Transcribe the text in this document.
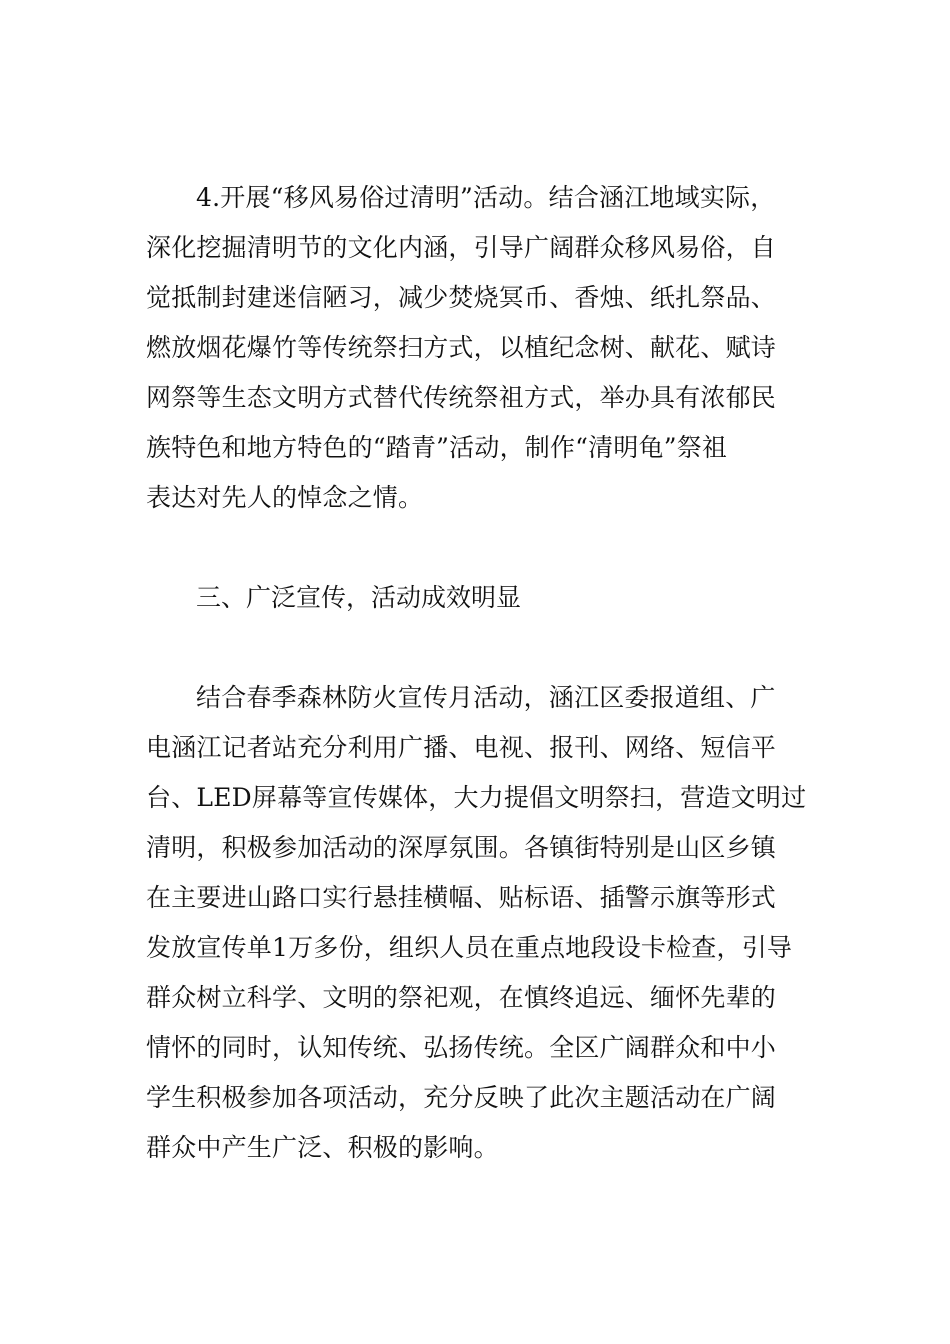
4.开展“移风易俗过清明”活动。结合涵江地域实际，
深化挖掘清明节的文化内涵，引导广阔群众移风易俗，自
觉抵制封建迷信陋习，减少焚烧冥币、香烛、纸扎祭品、
燃放烟花爆竹等传统祭扫方式，以植纪念树、献花、赋诗
网祭等生态文明方式替代传统祭祖方式，举办具有浓郁民
族特色和地方特色的“踏青”活动，制作“清明龟”祭祖
表达对先人的悼念之情。
三、广泛宣传，活动成效明显
结合春季森林防火宣传月活动，涵江区委报道组、广
电涵江记者站充分利用广播、电视、报刊、网络、短信平
台、LED屏幕等宣传媒体，大力提倡文明祭扫，营造文明过
清明，积极参加活动的深厚氛围。各镇街特别是山区乡镇
在主要进山路口实行悬挂横幅、贴标语、插警示旗等形式
发放宣传单1万多份，组织人员在重点地段设卡检查，引导
群众树立科学、文明的祭祀观，在慎终追远、缅怀先辈的
情怀的同时，认知传统、弘扬传统。全区广阔群众和中小
学生积极参加各项活动，充分反映了此次主题活动在广阔
群众中产生广泛、积极的影响。
